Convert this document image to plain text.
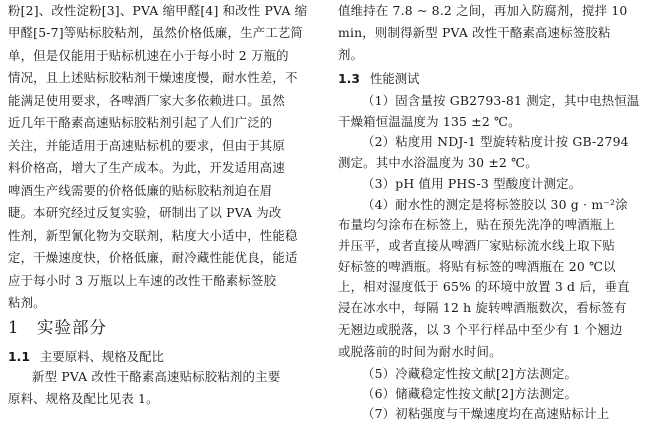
粉[2]、改性淀粉[3]、PVA 缩甲醛[4] 和改性 PVA 缩
甲醛[5-7]等贴标胶粘剂，虽然价格低廉，生产工艺简
单，但是仅能用于贴标机速在小于每小时 2 万瓶的
情况，且上述贴标胶粘剂干燥速度慢，耐水性差，不
能满足使用要求，各啤酒厂家大多依赖进口。虽然
近几年干酪素高速贴标胶粘剂引起了人们广泛的
关注，并能适用于高速贴标机的要求，但由于其原
料价格高，增大了生产成本。为此，开发适用高速
啤酒生产线需要的价格低廉的贴标胶粘剂迫在眉
睫。本研究经过反复实验，研制出了以 PVA 为改
性剂，新型氰化物为交联剂，粘度大小适中，性能稳
定，干燥速度快，价格低廉，耐冷藏性能优良，能适
应于每小时 3 万瓶以上车速的改性干酪素标签胶
粘剂。
1　实验部分
1.1 主要原料、规格及配比
新型 PVA 改性干酪素高速贴标胶粘剂的主要
原料、规格及配比见表 1。
值维持在 7.8 ~ 8.2 之间，再加入防腐剂，搅拌 10
min，则制得新型 PVA 改性干酪素高速标签胶粘
剂。
1.3 性能测试
（1）固含量按 GB2793-81 测定，其中电热恒温
干燥箱恒温温度为 135 ±2 ℃。
（2）粘度用 NDJ-1 型旋转粘度计按 GB-2794
测定。其中水浴温度为 30 ±2 ℃。
（3）pH 值用 PHS-3 型酸度计测定。
（4）耐水性的测定是将标签胶以 30 g · m⁻²涂
布量均匀涂布在标签上，贴在预先洗净的啤酒瓶上
并压平，或者直接从啤酒厂家贴标流水线上取下贴
好标签的啤酒瓶。将贴有标签的啤酒瓶在 20 ℃以
上，相对湿度低于 65% 的环境中放置 3 d 后，垂直
浸在冰水中，每隔 12 h 旋转啤酒瓶数次，看标签有
无翘边或脱落，以 3 个平行样品中至少有 1 个翘边
或脱落前的时间为耐水时间。
（5）冷藏稳定性按文献[2]方法测定。
（6）储藏稳定性按文献[2]方法测定。
（7）初粘强度与干燥速度均在高速贴标计上
